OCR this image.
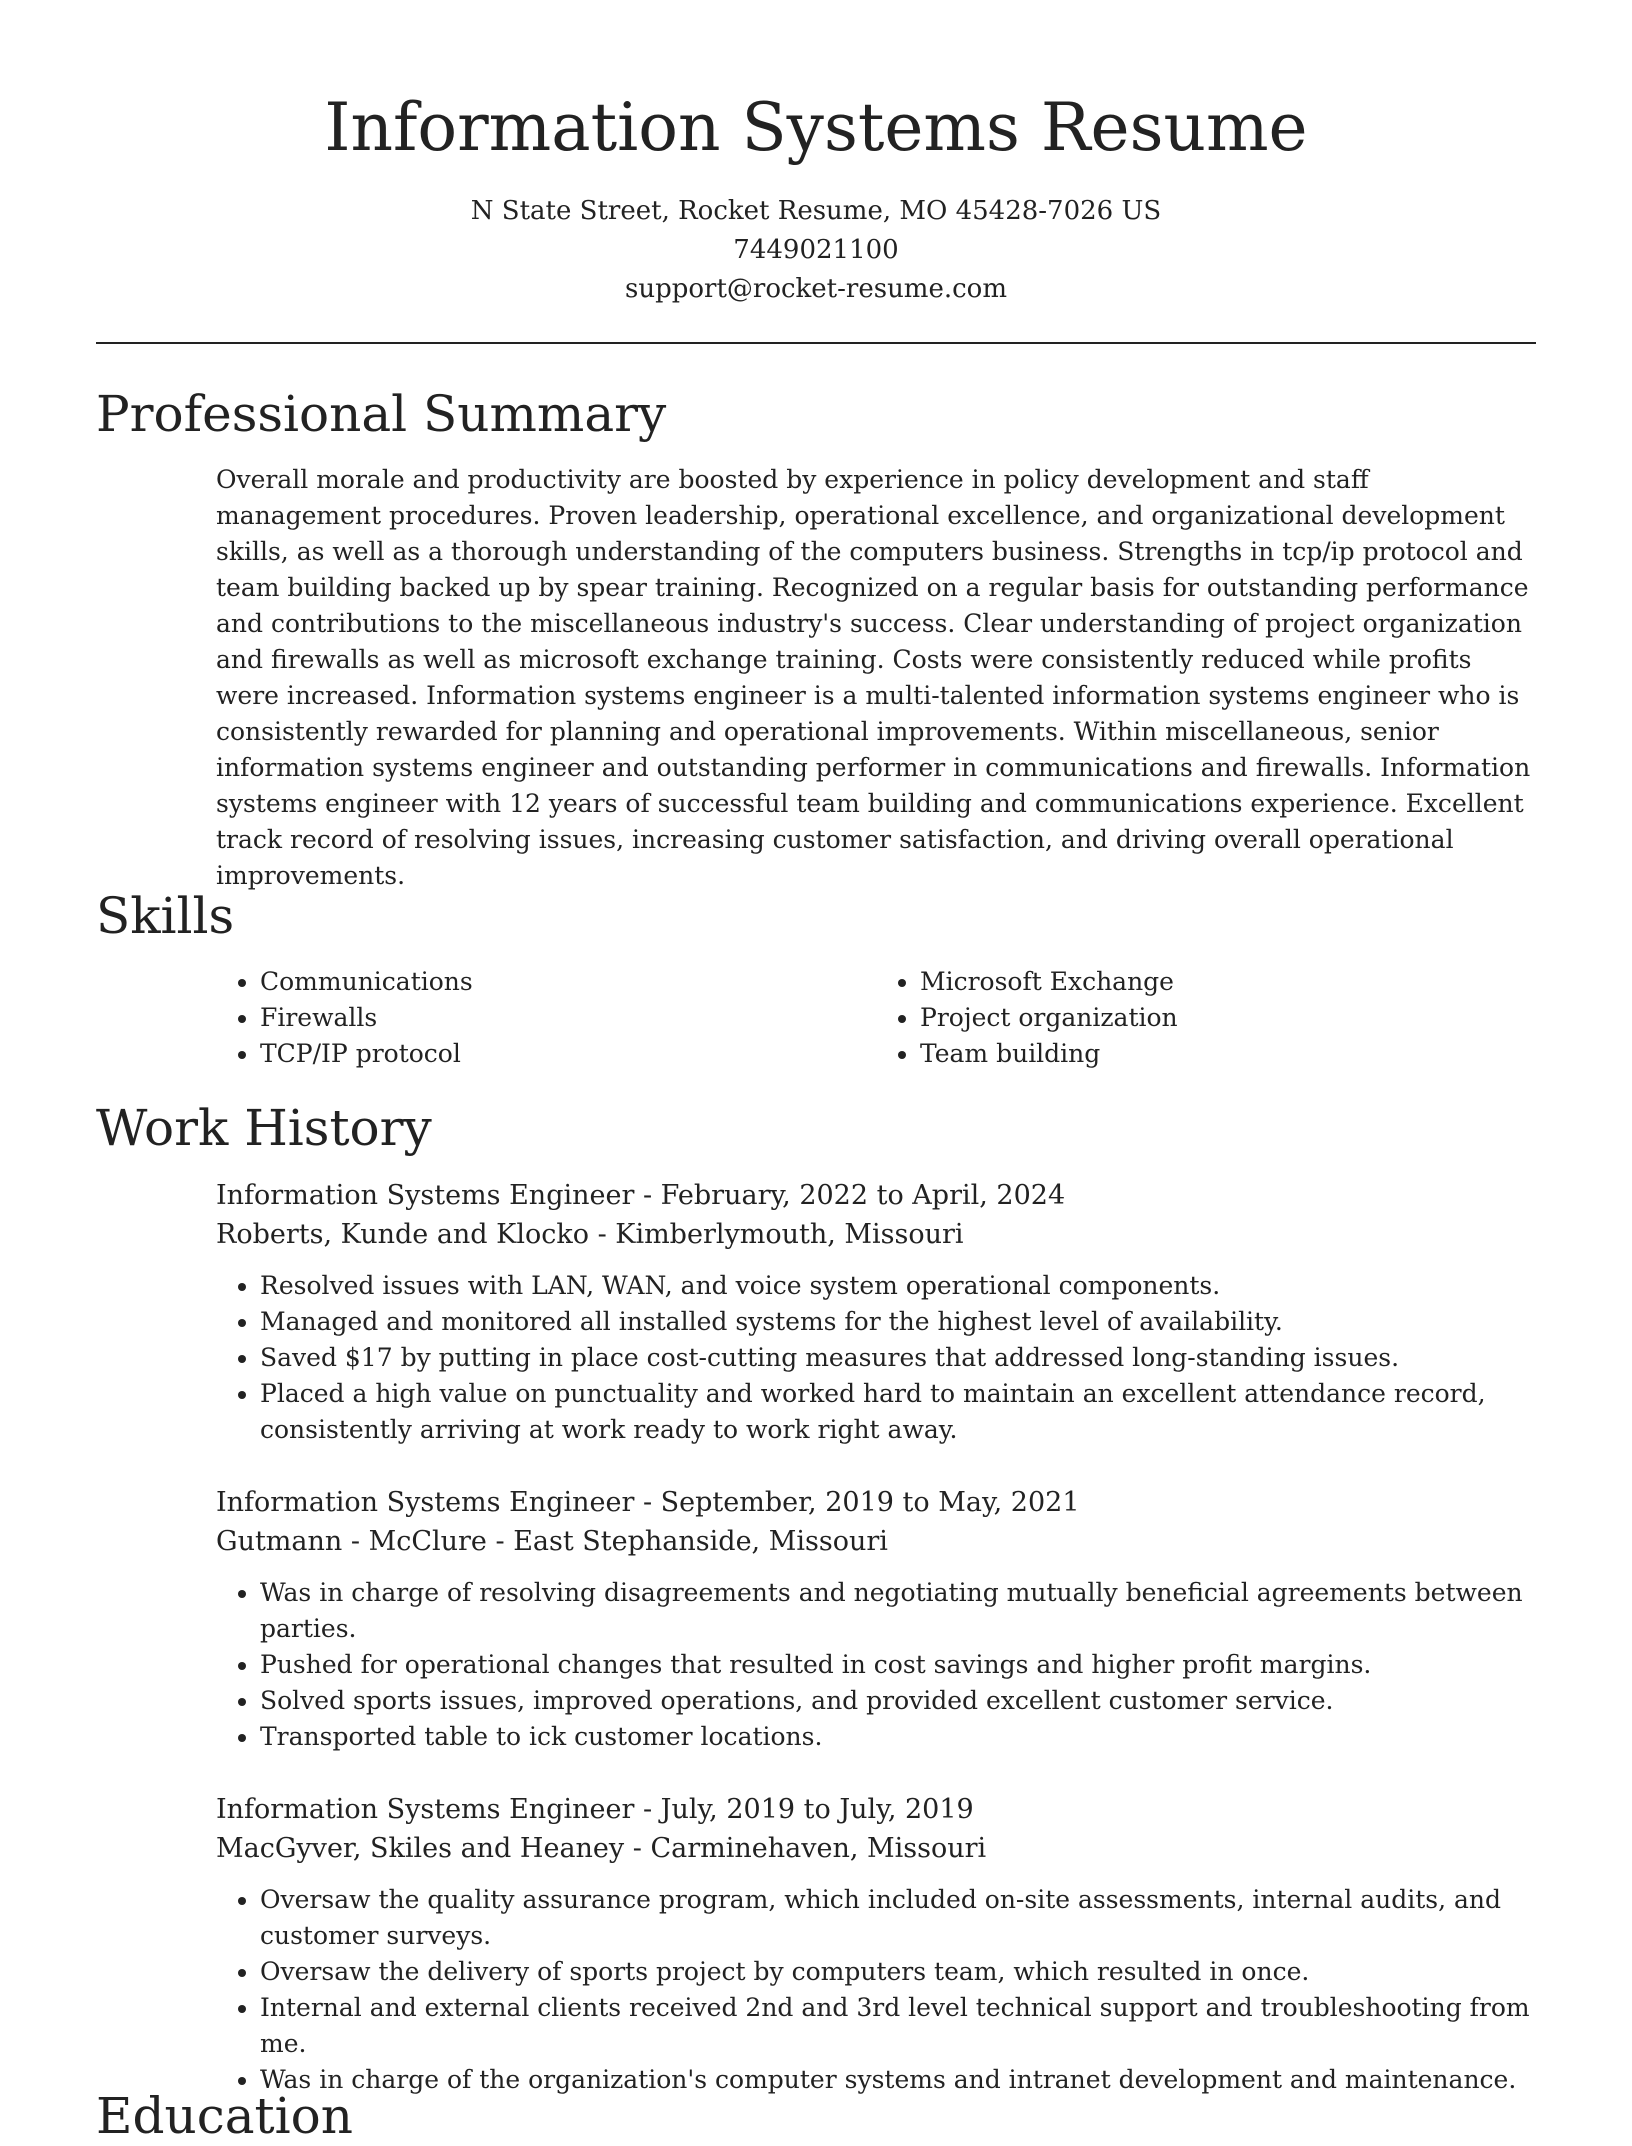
Information Systems Resume
N State Street, Rocket Resume, MO 45428-7026 US
7449021100
support@rocket-resume.com
Professional Summary

Overall morale and productivity are boosted by experience in policy development and staff management procedures. Proven leadership, operational excellence, and organizational development skills, as well as a thorough understanding of the computers business. Strengths in tcp/ip protocol and team building backed up by spear training. Recognized on a regular basis for outstanding performance and contributions to the miscellaneous industry's success. Clear understanding of project organization and firewalls as well as microsoft exchange training. Costs were consistently reduced while profits were increased. Information systems engineer is a multi-talented information systems engineer who is consistently rewarded for planning and operational improvements. Within miscellaneous, senior information systems engineer and outstanding performer in communications and firewalls. Information systems engineer with 12 years of successful team building and communications experience. Excellent track record of resolving issues, increasing customer satisfaction, and driving overall operational improvements.

Skills
• Communications
• Firewalls
• TCP/IP protocol
• Microsoft Exchange
• Project organization
• Team building
Work History

Information Systems Engineer - February, 2022 to April, 2024

Roberts, Kunde and Klocko - Kimberlymouth, Missouri

• Resolved issues with LAN, WAN, and voice system operational components.
• Managed and monitored all installed systems for the highest level of availability.
• Saved $17 by putting in place cost-cutting measures that addressed long-standing issues.
• Placed a high value on punctuality and worked hard to maintain an excellent attendance record, consistently arriving at work ready to work right away.

Information Systems Engineer - September, 2019 to May, 2021

Gutmann - McClure - East Stephanside, Missouri

• Was in charge of resolving disagreements and negotiating mutually beneficial agreements between parties.
• Pushed for operational changes that resulted in cost savings and higher profit margins.
• Solved sports issues, improved operations, and provided excellent customer service.
• Transported table to ick customer locations.

Information Systems Engineer - July, 2019 to July, 2019

MacGyver, Skiles and Heaney - Carminehaven, Missouri

• Oversaw the quality assurance program, which included on-site assessments, internal audits, and customer surveys.
• Oversaw the delivery of sports project by computers team, which resulted in once.
• Internal and external clients received 2nd and 3rd level technical support and troubleshooting from me.
• Was in charge of the organization's computer systems and intranet development and maintenance.
Education
